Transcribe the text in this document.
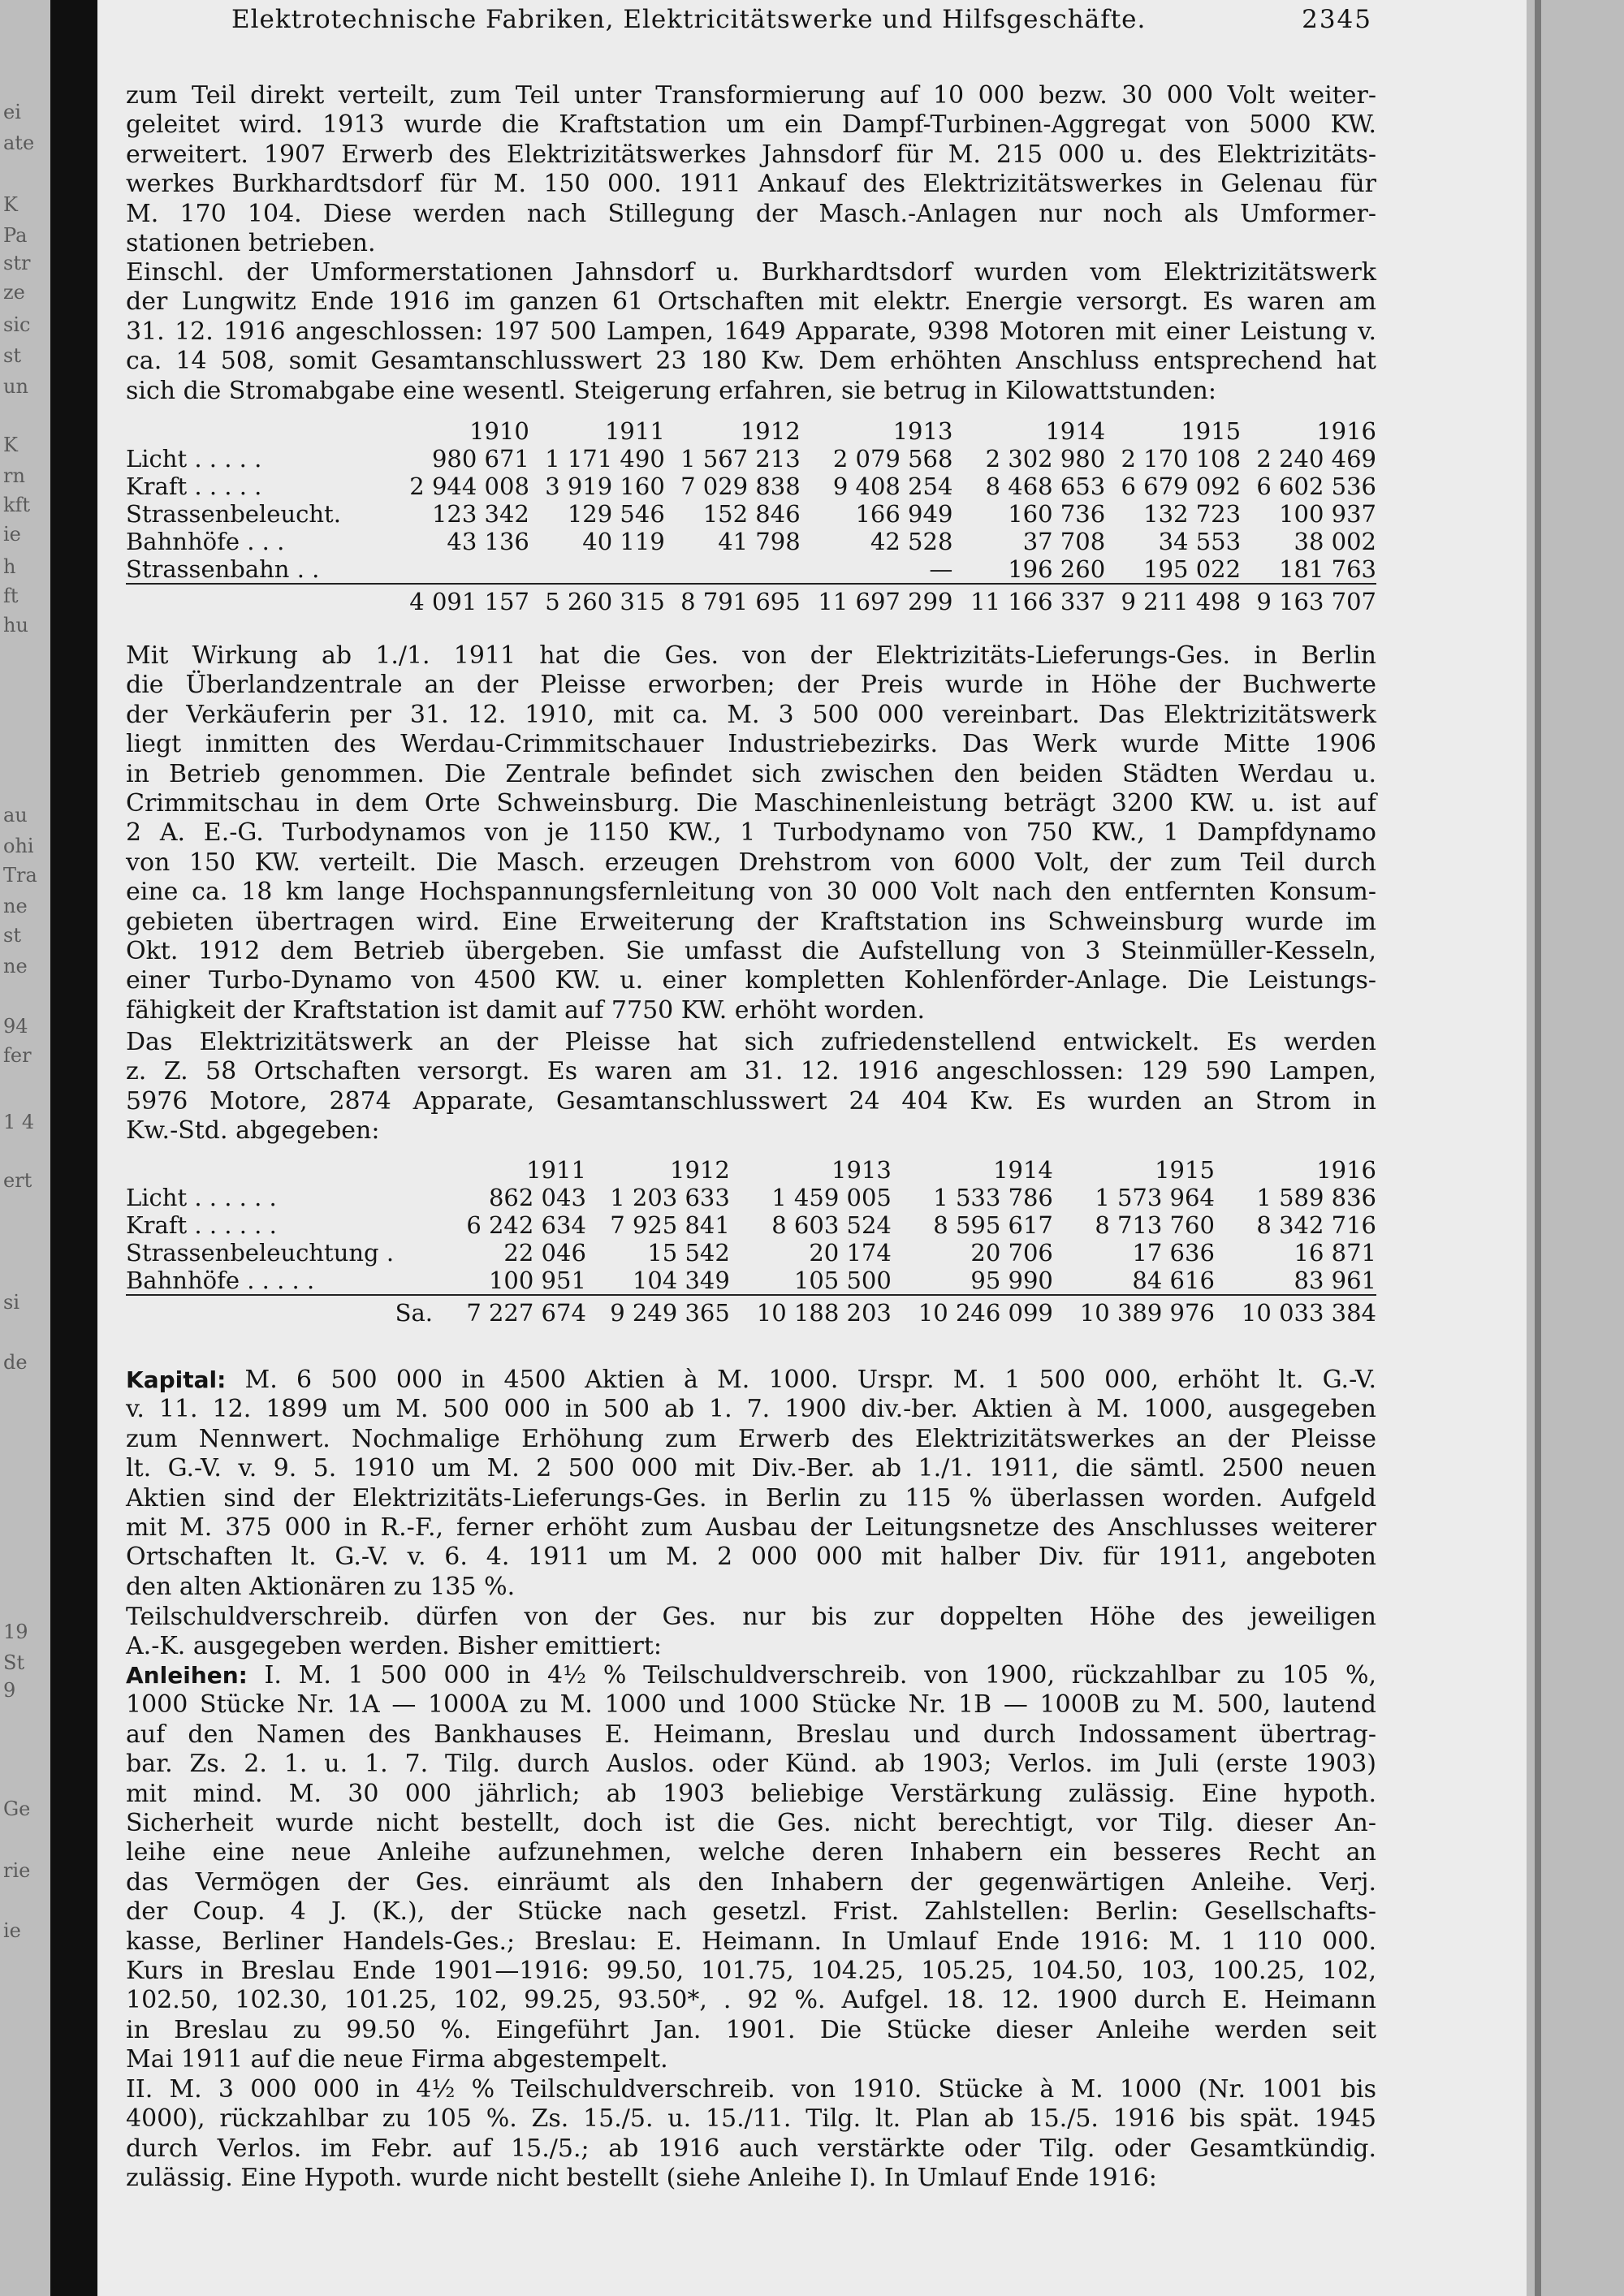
ei
ate
K
Pa
str
ze
sic
st
un
K
rn
kft
ie
h
ft
hu
au
ohi
Tra
ne
st
ne
94
fer
1 4
ert
si
de
19
St
9
Ge
rie
ie
Elektrotechnische Fabriken, Elektricitätswerke und Hilfsgeschäfte.	2345

zum Teil direkt verteilt, zum Teil unter Transformierung auf 10 000 bezw. 30 000 Volt weiter-
geleitet wird. 1913 wurde die Kraftstation um ein Dampf-Turbinen-Aggregat von 5000 KW.
erweitert. 1907 Erwerb des Elektrizitätswerkes Jahnsdorf für M. 215 000 u. des Elektrizitäts-
werkes Burkhardtsdorf für M. 150 000. 1911 Ankauf des Elektrizitätswerkes in Gelenau für
M. 170 104. Diese werden nach Stillegung der Masch.-Anlagen nur noch als Umformer-
stationen betrieben.

Einschl. der Umformerstationen Jahnsdorf u. Burkhardtsdorf wurden vom Elektrizitätswerk
der Lungwitz Ende 1916 im ganzen 61 Ortschaften mit elektr. Energie versorgt. Es waren am
31. 12. 1916 angeschlossen: 197 500 Lampen, 1649 Apparate, 9398 Motoren mit einer Leistung v.
ca. 14 508, somit Gesamtanschlusswert 23 180 Kw. Dem erhöhten Anschluss entsprechend hat
sich die Stromabgabe eine wesentl. Steigerung erfahren, sie betrug in Kilowattstunden:

	1910	1911	1912	1913	1914	1915	1916
Licht . . . . .	980 671	1 171 490	1 567 213	2 079 568	2 302 980	2 170 108	2 240 469
Kraft . . . . .	2 944 008	3 919 160	7 029 838	9 408 254	8 468 653	6 679 092	6 602 536
Strassenbeleucht.	123 342	129 546	152 846	166 949	160 736	132 723	100 937
Bahnhöfe . . .	43 136	40 119	41 798	42 528	37 708	34 553	38 002
Strassenbahn . .				—	196 260	195 022	181 763
	4 091 157	5 260 315	8 791 695	11 697 299	11 166 337	9 211 498	9 163 707

Mit Wirkung ab 1./1. 1911 hat die Ges. von der Elektrizitäts-Lieferungs-Ges. in Berlin
die Überlandzentrale an der Pleisse erworben; der Preis wurde in Höhe der Buchwerte
der Verkäuferin per 31. 12. 1910, mit ca. M. 3 500 000 vereinbart. Das Elektrizitätswerk
liegt inmitten des Werdau-Crimmitschauer Industriebezirks. Das Werk wurde Mitte 1906
in Betrieb genommen. Die Zentrale befindet sich zwischen den beiden Städten Werdau u.
Crimmitschau in dem Orte Schweinsburg. Die Maschinenleistung beträgt 3200 KW. u. ist auf
2 A. E.-G. Turbodynamos von je 1150 KW., 1 Turbodynamo von 750 KW., 1 Dampfdynamo
von 150 KW. verteilt. Die Masch. erzeugen Drehstrom von 6000 Volt, der zum Teil durch
eine ca. 18 km lange Hochspannungsfernleitung von 30 000 Volt nach den entfernten Konsum-
gebieten übertragen wird. Eine Erweiterung der Kraftstation ins Schweinsburg wurde im
Okt. 1912 dem Betrieb übergeben. Sie umfasst die Aufstellung von 3 Steinmüller-Kesseln,
einer Turbo-Dynamo von 4500 KW. u. einer kompletten Kohlenförder-Anlage. Die Leistungs-
fähigkeit der Kraftstation ist damit auf 7750 KW. erhöht worden.

Das Elektrizitätswerk an der Pleisse hat sich zufriedenstellend entwickelt. Es werden
z. Z. 58 Ortschaften versorgt. Es waren am 31. 12. 1916 angeschlossen: 129 590 Lampen,
5976 Motore, 2874 Apparate, Gesamtanschlusswert 24 404 Kw. Es wurden an Strom in
Kw.-Std. abgegeben:

	1911	1912	1913	1914	1915	1916
Licht . . . . . .	862 043	1 203 633	1 459 005	1 533 786	1 573 964	1 589 836
Kraft . . . . . .	6 242 634	7 925 841	8 603 524	8 595 617	8 713 760	8 342 716
Strassenbeleuchtung .	22 046	15 542	20 174	20 706	17 636	16 871
Bahnhöfe . . . . .	100 951	104 349	105 500	95 990	84 616	83 961
Sa.	7 227 674	9 249 365	10 188 203	10 246 099	10 389 976	10 033 384

Kapital: M. 6 500 000 in 4500 Aktien à M. 1000. Urspr. M. 1 500 000, erhöht lt. G.-V.
v. 11. 12. 1899 um M. 500 000 in 500 ab 1. 7. 1900 div.-ber. Aktien à M. 1000, ausgegeben
zum Nennwert. Nochmalige Erhöhung zum Erwerb des Elektrizitätswerkes an der Pleisse
lt. G.-V. v. 9. 5. 1910 um M. 2 500 000 mit Div.-Ber. ab 1./1. 1911, die sämtl. 2500 neuen
Aktien sind der Elektrizitäts-Lieferungs-Ges. in Berlin zu 115 % überlassen worden. Aufgeld
mit M. 375 000 in R.-F., ferner erhöht zum Ausbau der Leitungsnetze des Anschlusses weiterer
Ortschaften lt. G.-V. v. 6. 4. 1911 um M. 2 000 000 mit halber Div. für 1911, angeboten
den alten Aktionären zu 135 %.

Teilschuldverschreib. dürfen von der Ges. nur bis zur doppelten Höhe des jeweiligen
A.-K. ausgegeben werden. Bisher emittiert:

Anleihen: I. M. 1 500 000 in 4½ % Teilschuldverschreib. von 1900, rückzahlbar zu 105 %,
1000 Stücke Nr. 1A — 1000A zu M. 1000 und 1000 Stücke Nr. 1B — 1000B zu M. 500, lautend
auf den Namen des Bankhauses E. Heimann, Breslau und durch Indossament übertrag-
bar. Zs. 2. 1. u. 1. 7. Tilg. durch Auslos. oder Künd. ab 1903; Verlos. im Juli (erste 1903)
mit mind. M. 30 000 jährlich; ab 1903 beliebige Verstärkung zulässig. Eine hypoth.
Sicherheit wurde nicht bestellt, doch ist die Ges. nicht berechtigt, vor Tilg. dieser An-
leihe eine neue Anleihe aufzunehmen, welche deren Inhabern ein besseres Recht an
das Vermögen der Ges. einräumt als den Inhabern der gegenwärtigen Anleihe. Verj.
der Coup. 4 J. (K.), der Stücke nach gesetzl. Frist. Zahlstellen: Berlin: Gesellschafts-
kasse, Berliner Handels-Ges.; Breslau: E. Heimann. In Umlauf Ende 1916: M. 1 110 000.
Kurs in Breslau Ende 1901—1916: 99.50, 101.75, 104.25, 105.25, 104.50, 103, 100.25, 102,
102.50, 102.30, 101.25, 102, 99.25, 93.50*, . 92 %. Aufgel. 18. 12. 1900 durch E. Heimann
in Breslau zu 99.50 %. Eingeführt Jan. 1901. Die Stücke dieser Anleihe werden seit
Mai 1911 auf die neue Firma abgestempelt.

II. M. 3 000 000 in 4½ % Teilschuldverschreib. von 1910. Stücke à M. 1000 (Nr. 1001 bis
4000), rückzahlbar zu 105 %. Zs. 15./5. u. 15./11. Tilg. lt. Plan ab 15./5. 1916 bis spät. 1945
durch Verlos. im Febr. auf 15./5.; ab 1916 auch verstärkte oder Tilg. oder Gesamtkündig.
zulässig. Eine Hypoth. wurde nicht bestellt (siehe Anleihe I). In Umlauf Ende 1916:
